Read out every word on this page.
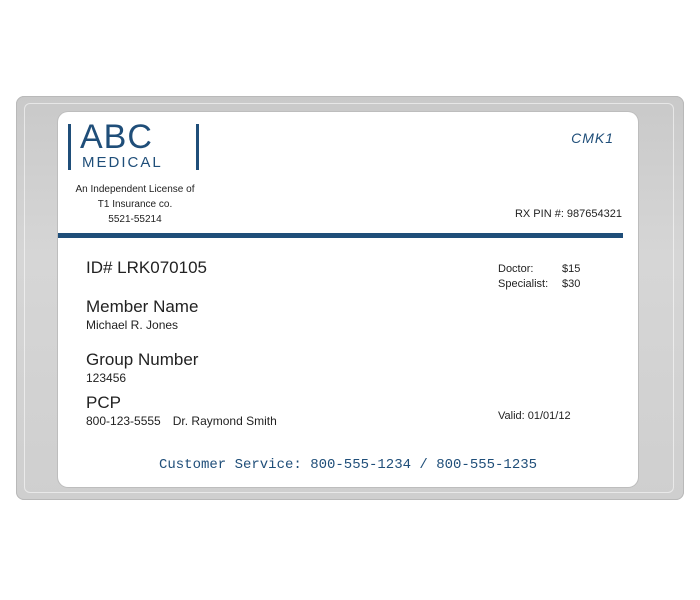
ABC
MEDICAL
An Independent License of
T1 Insurance co.
5521-55214
CMK1
RX PIN #: 987654321
ID# LRK070105
Member Name
Michael R. Jones
Group Number
123456
PCP
800-123-5555 Dr. Raymond Smith
Doctor:	$15
Specialist: $30
Valid: 01/01/12
Customer Service: 800-555-1234 / 800-555-1235
